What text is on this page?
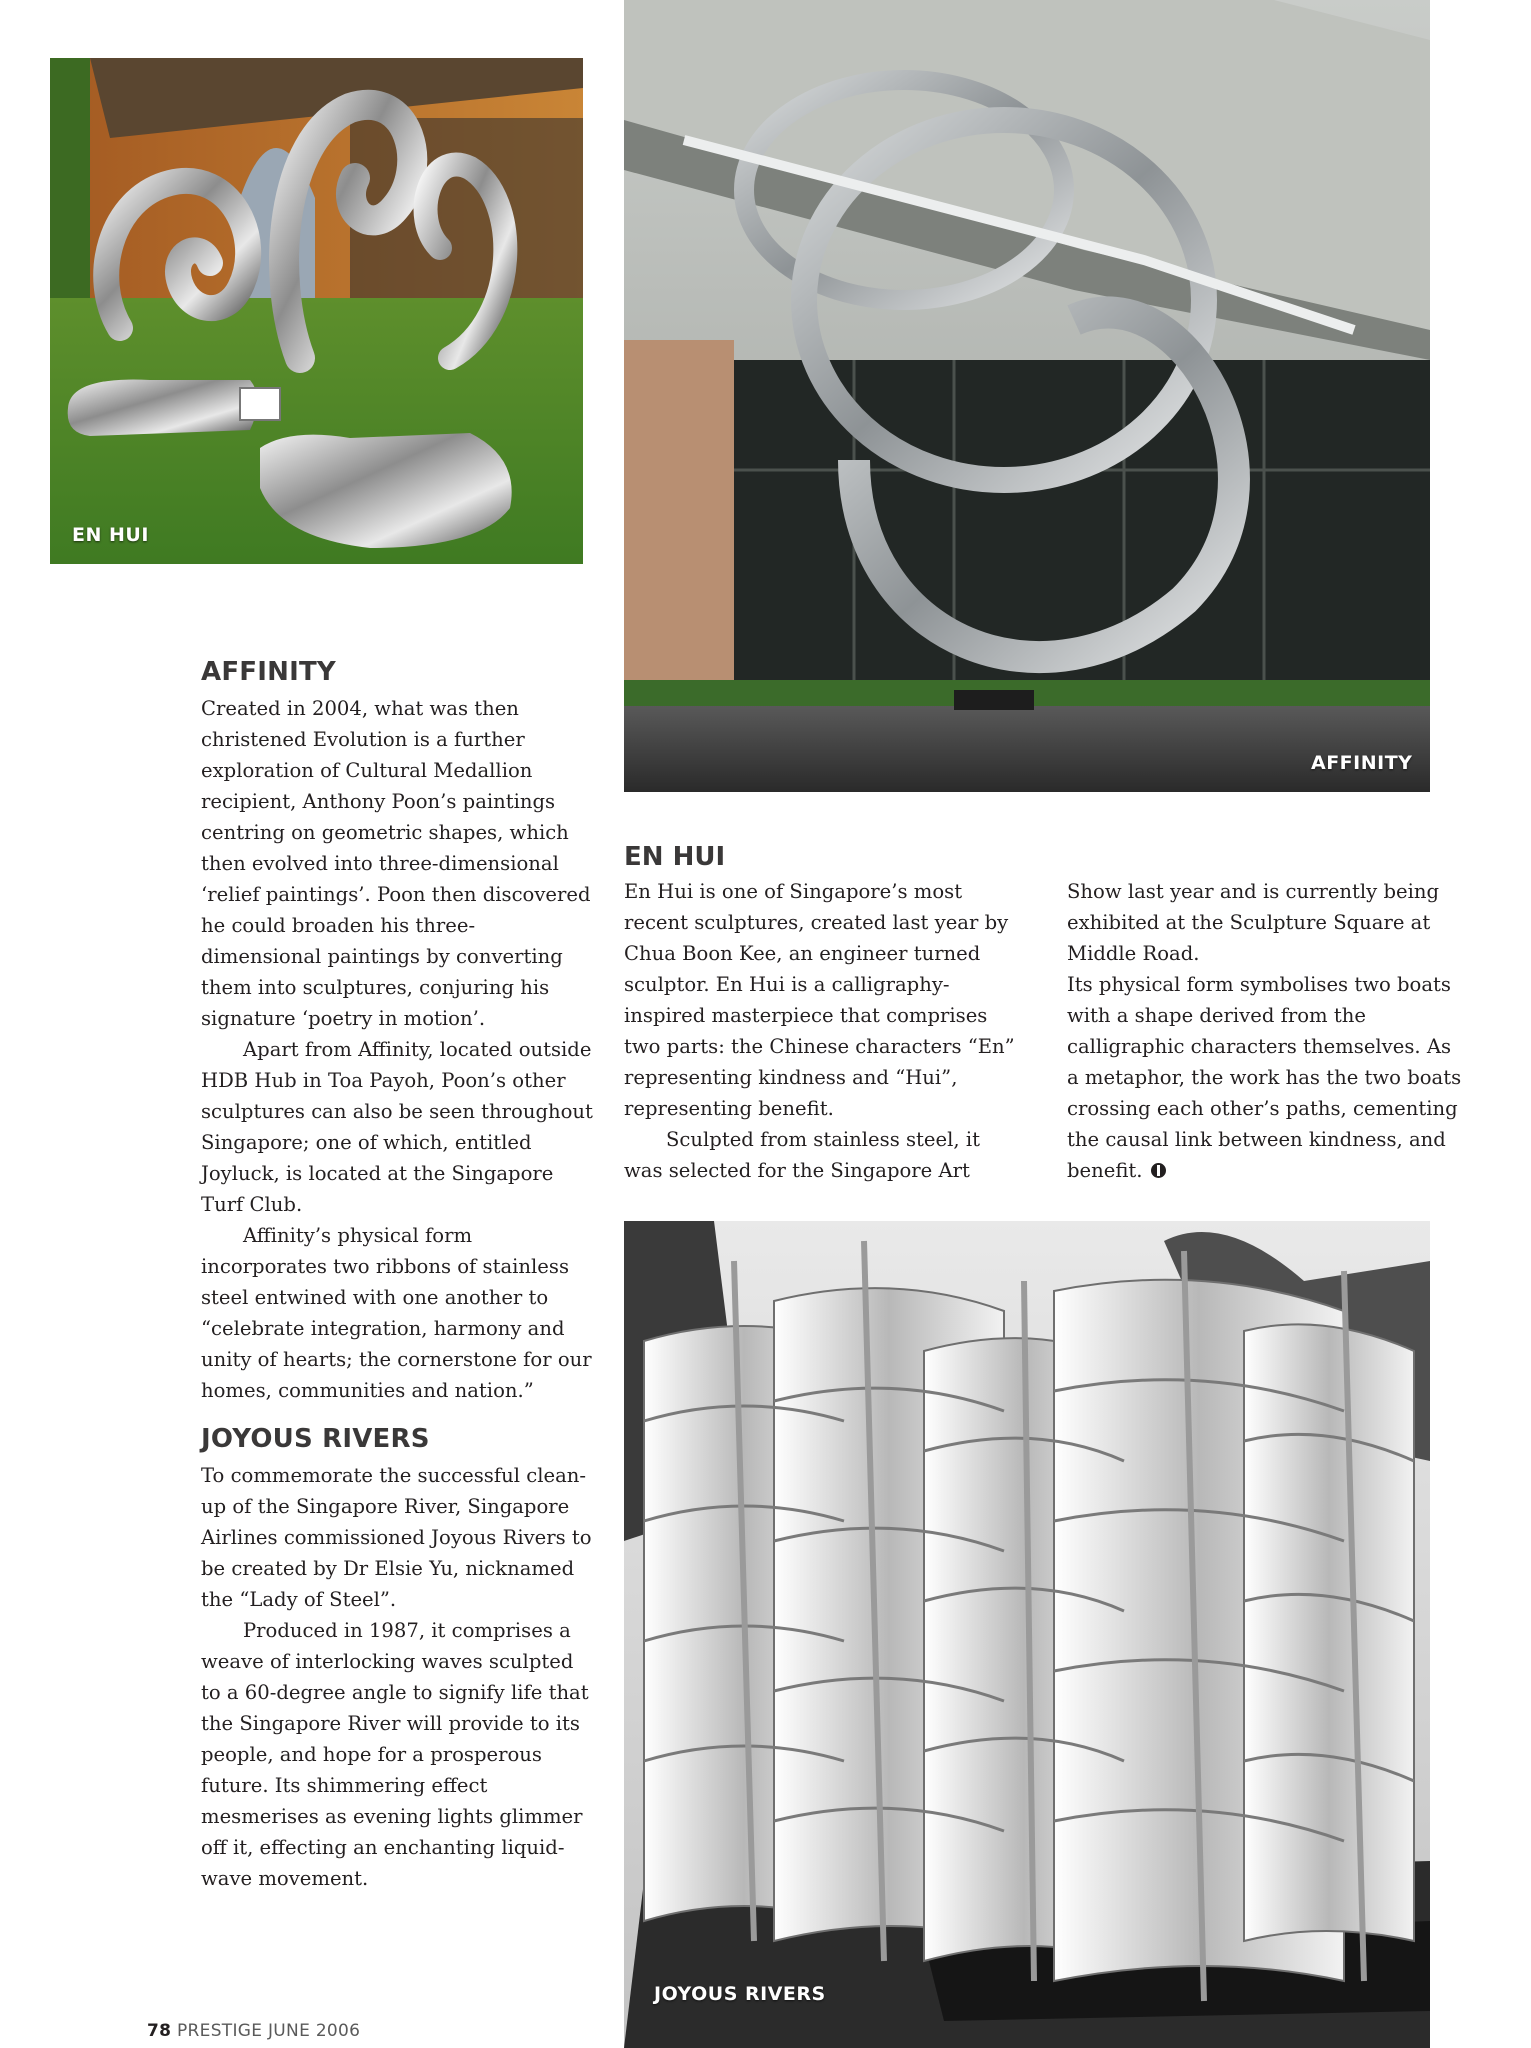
EN HUI
AFFINITY
JOYOUS RIVERS
AFFINITY

Created in 2004, what was then christened Evolution is a further exploration of Cultural Medallion recipient, Anthony Poon’s paintings centring on geometric shapes, which then evolved into three-dimensional ‘relief paintings’. Poon then discovered he could broaden his three-dimensional paintings by converting them into sculptures, conjuring his signature ‘poetry in motion’.

Apart from Affinity, located outside HDB Hub in Toa Payoh, Poon’s other sculptures can also be seen throughout Singapore; one of which, entitled Joyluck, is located at the Singapore Turf Club.

Affinity’s physical form incorporates two ribbons of stainless steel entwined with one another to “celebrate integration, harmony and unity of hearts; the cornerstone for our homes, communities and nation.”

JOYOUS RIVERS

To commemorate the successful clean-up of the Singapore River, Singapore Airlines commissioned Joyous Rivers to be created by Dr Elsie Yu, nicknamed the “Lady of Steel”.

Produced in 1987, it comprises a weave of interlocking waves sculpted to a 60-degree angle to signify life that the Singapore River will provide to its people, and hope for a prosperous future. Its shimmering effect mesmerises as evening lights glimmer off it, effecting an enchanting liquid-wave movement.

EN HUI

En Hui is one of Singapore’s most recent sculptures, created last year by Chua Boon Kee, an engineer turned sculptor. En Hui is a calligraphy-inspired masterpiece that comprises two parts: the Chinese characters “En” representing kindness and “Hui”, representing benefit.

Sculpted from stainless steel, it was selected for the Singapore Art

Show last year and is currently being exhibited at the Sculpture Square at Middle Road.

Its physical form symbolises two boats with a shape derived from the calligraphic characters themselves. As a metaphor, the work has the two boats crossing each other’s paths, cementing the causal link between kindness, and benefit.

78 PRESTIGE JUNE 2006
